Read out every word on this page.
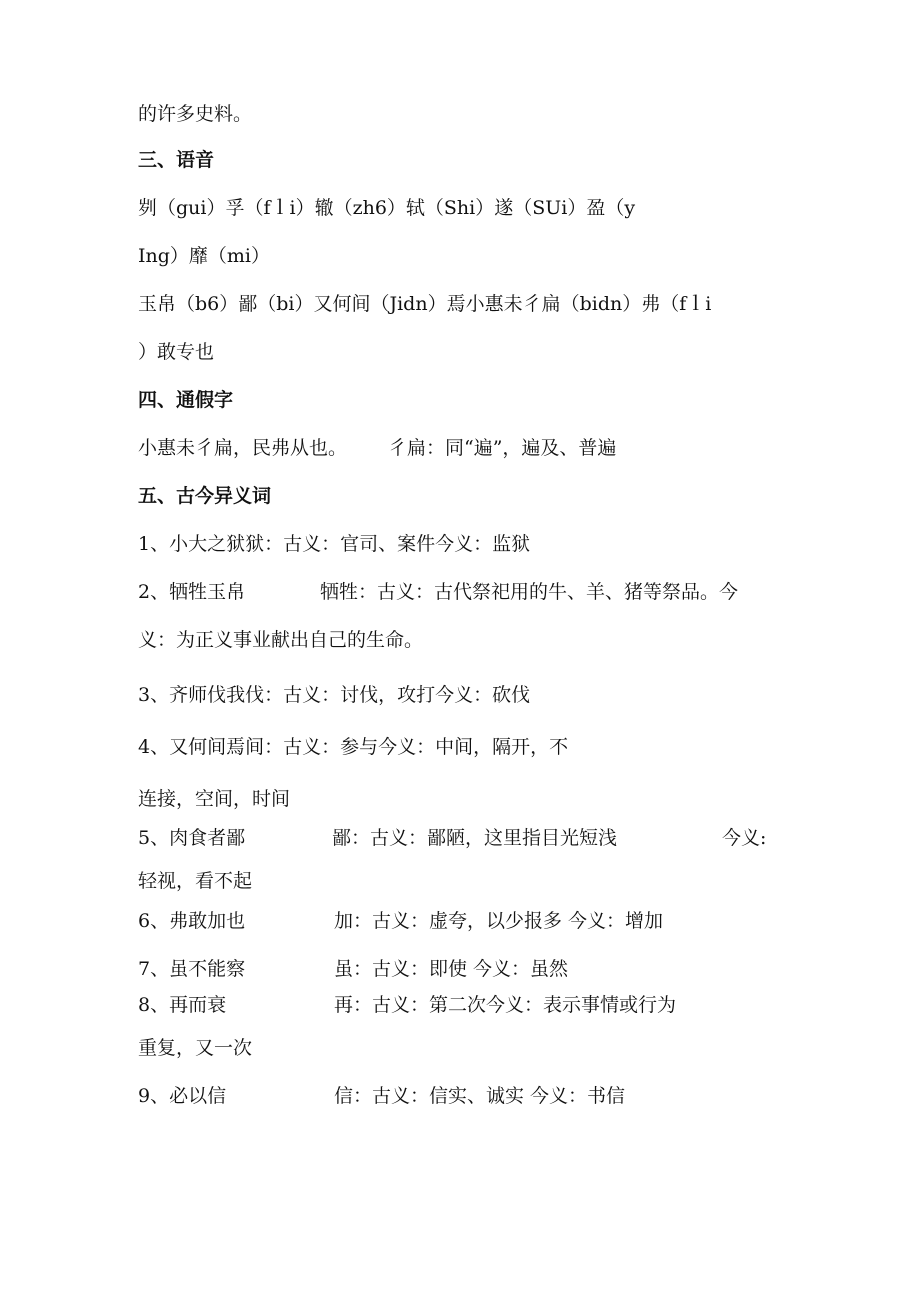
的许多史料。
三、语音
刿（gui）孚（fｌi）辙（zh6）轼（Shi）遂（SUi）盈（y
Ing）靡（mi）
玉帛（b6）鄙（bi）又何间（Jidn）焉小惠未彳扁（bidn）弗（fｌi
）敢专也
四、通假字
小惠未彳扁，民弗从也。 彳扁：同“遍”，遍及、普遍
五、古今异义词
1、小大之狱狱：古义：官司、案件今义：监狱
2、牺牲玉帛	牺牲：古义：古代祭祀用的牛、羊、猪等祭品。今
义：为正义事业献出自己的生命。
3、齐师伐我伐：古义：讨伐，攻打今义：砍伐
4、又何间焉间：古义：参与今义：中间，隔开，不
连接，空间，时间
5、肉食者鄙	鄙：古义：鄙陋，这里指目光短浅	今义:
轻视，看不起
6、弗敢加也	加：古义：虚夸，以少报多 今义：增加
7、虽不能察	虽：古义：即使 今义：虽然
8、再而衰	再：古义：第二次今义：表示事情或行为
重复，又一次
9、必以信	信：古义：信实、诚实 今义：书信
